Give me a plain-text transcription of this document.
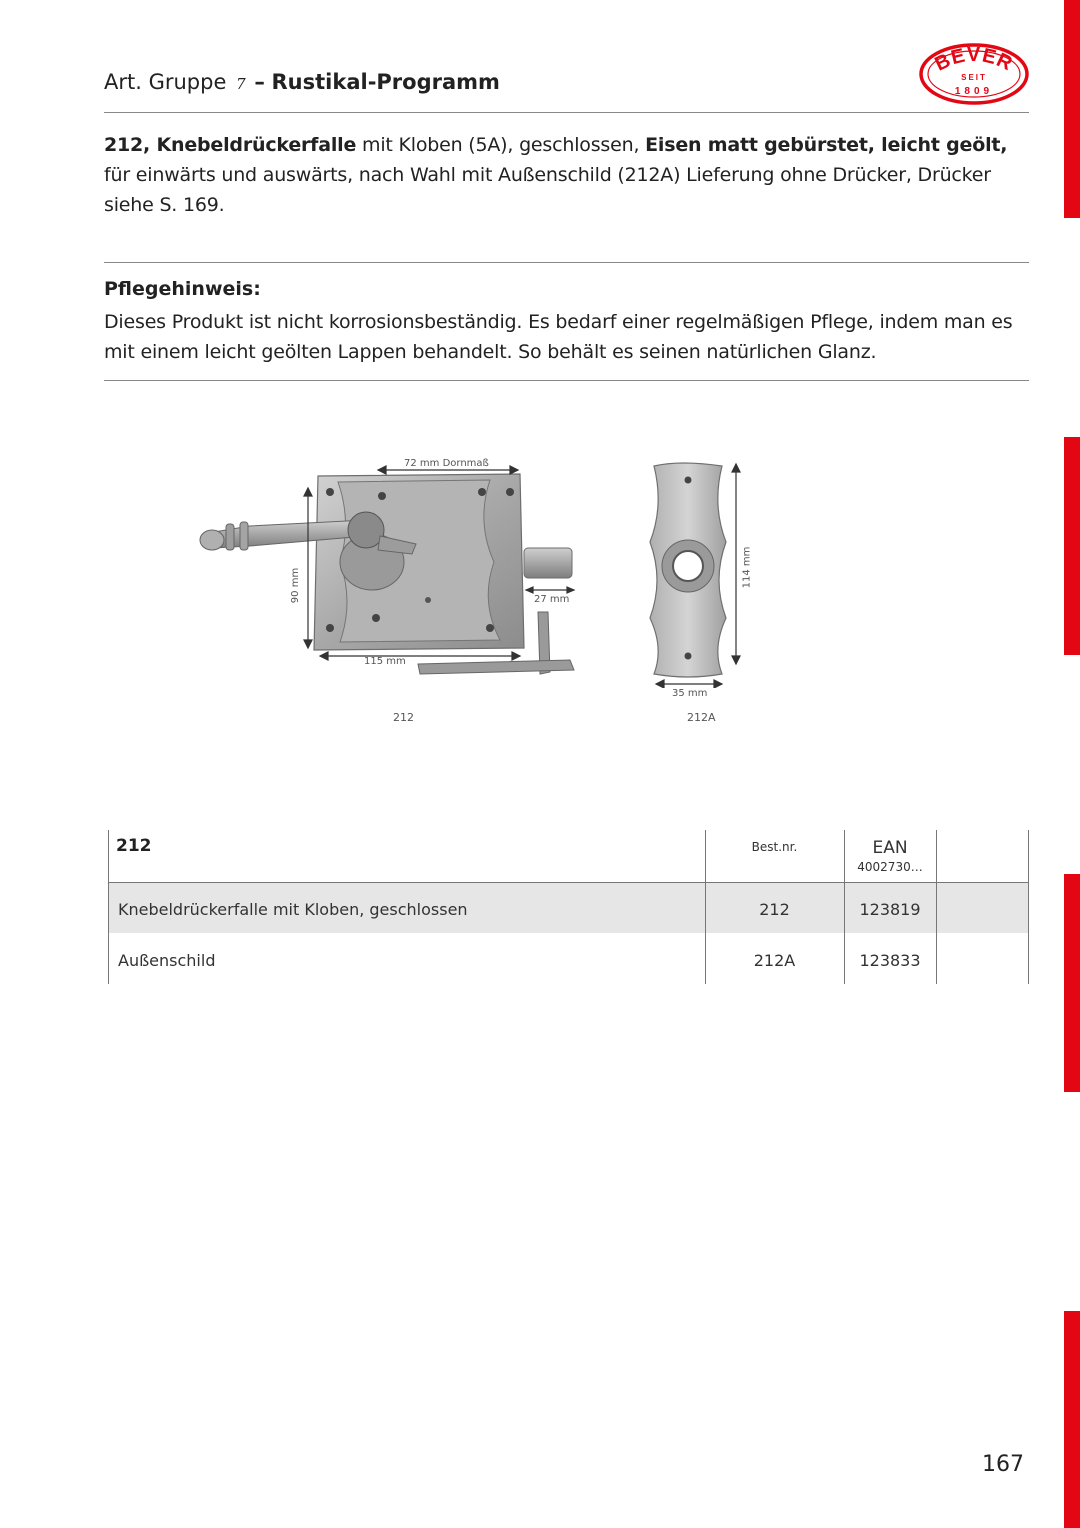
Art. Gruppe 7 – Rustikal-Programm
BEVER
SEIT
1809
212, Knebeldrückerfalle mit Kloben (5A), geschlossen, Eisen matt gebürstet, leicht geölt, für einwärts und auswärts, nach Wahl mit Außenschild (212A) Lieferung ohne Drücker, Drücker siehe S. 169.
Pflegehinweis:
Dieses Produkt ist nicht korrosionsbeständig. Es bedarf einer regelmäßigen Pflege, indem man es mit einem leicht geölten Lappen behandelt. So behält es seinen natürlichen Glanz.
72 mm Dornmaß
90 mm
115 mm
27 mm
114 mm
35 mm
212	212A
212	Best.nr.	EAN
4002730…
Knebeldrückerfalle mit Kloben, geschlossen	212	123819
Außenschild	212A	123833
167
